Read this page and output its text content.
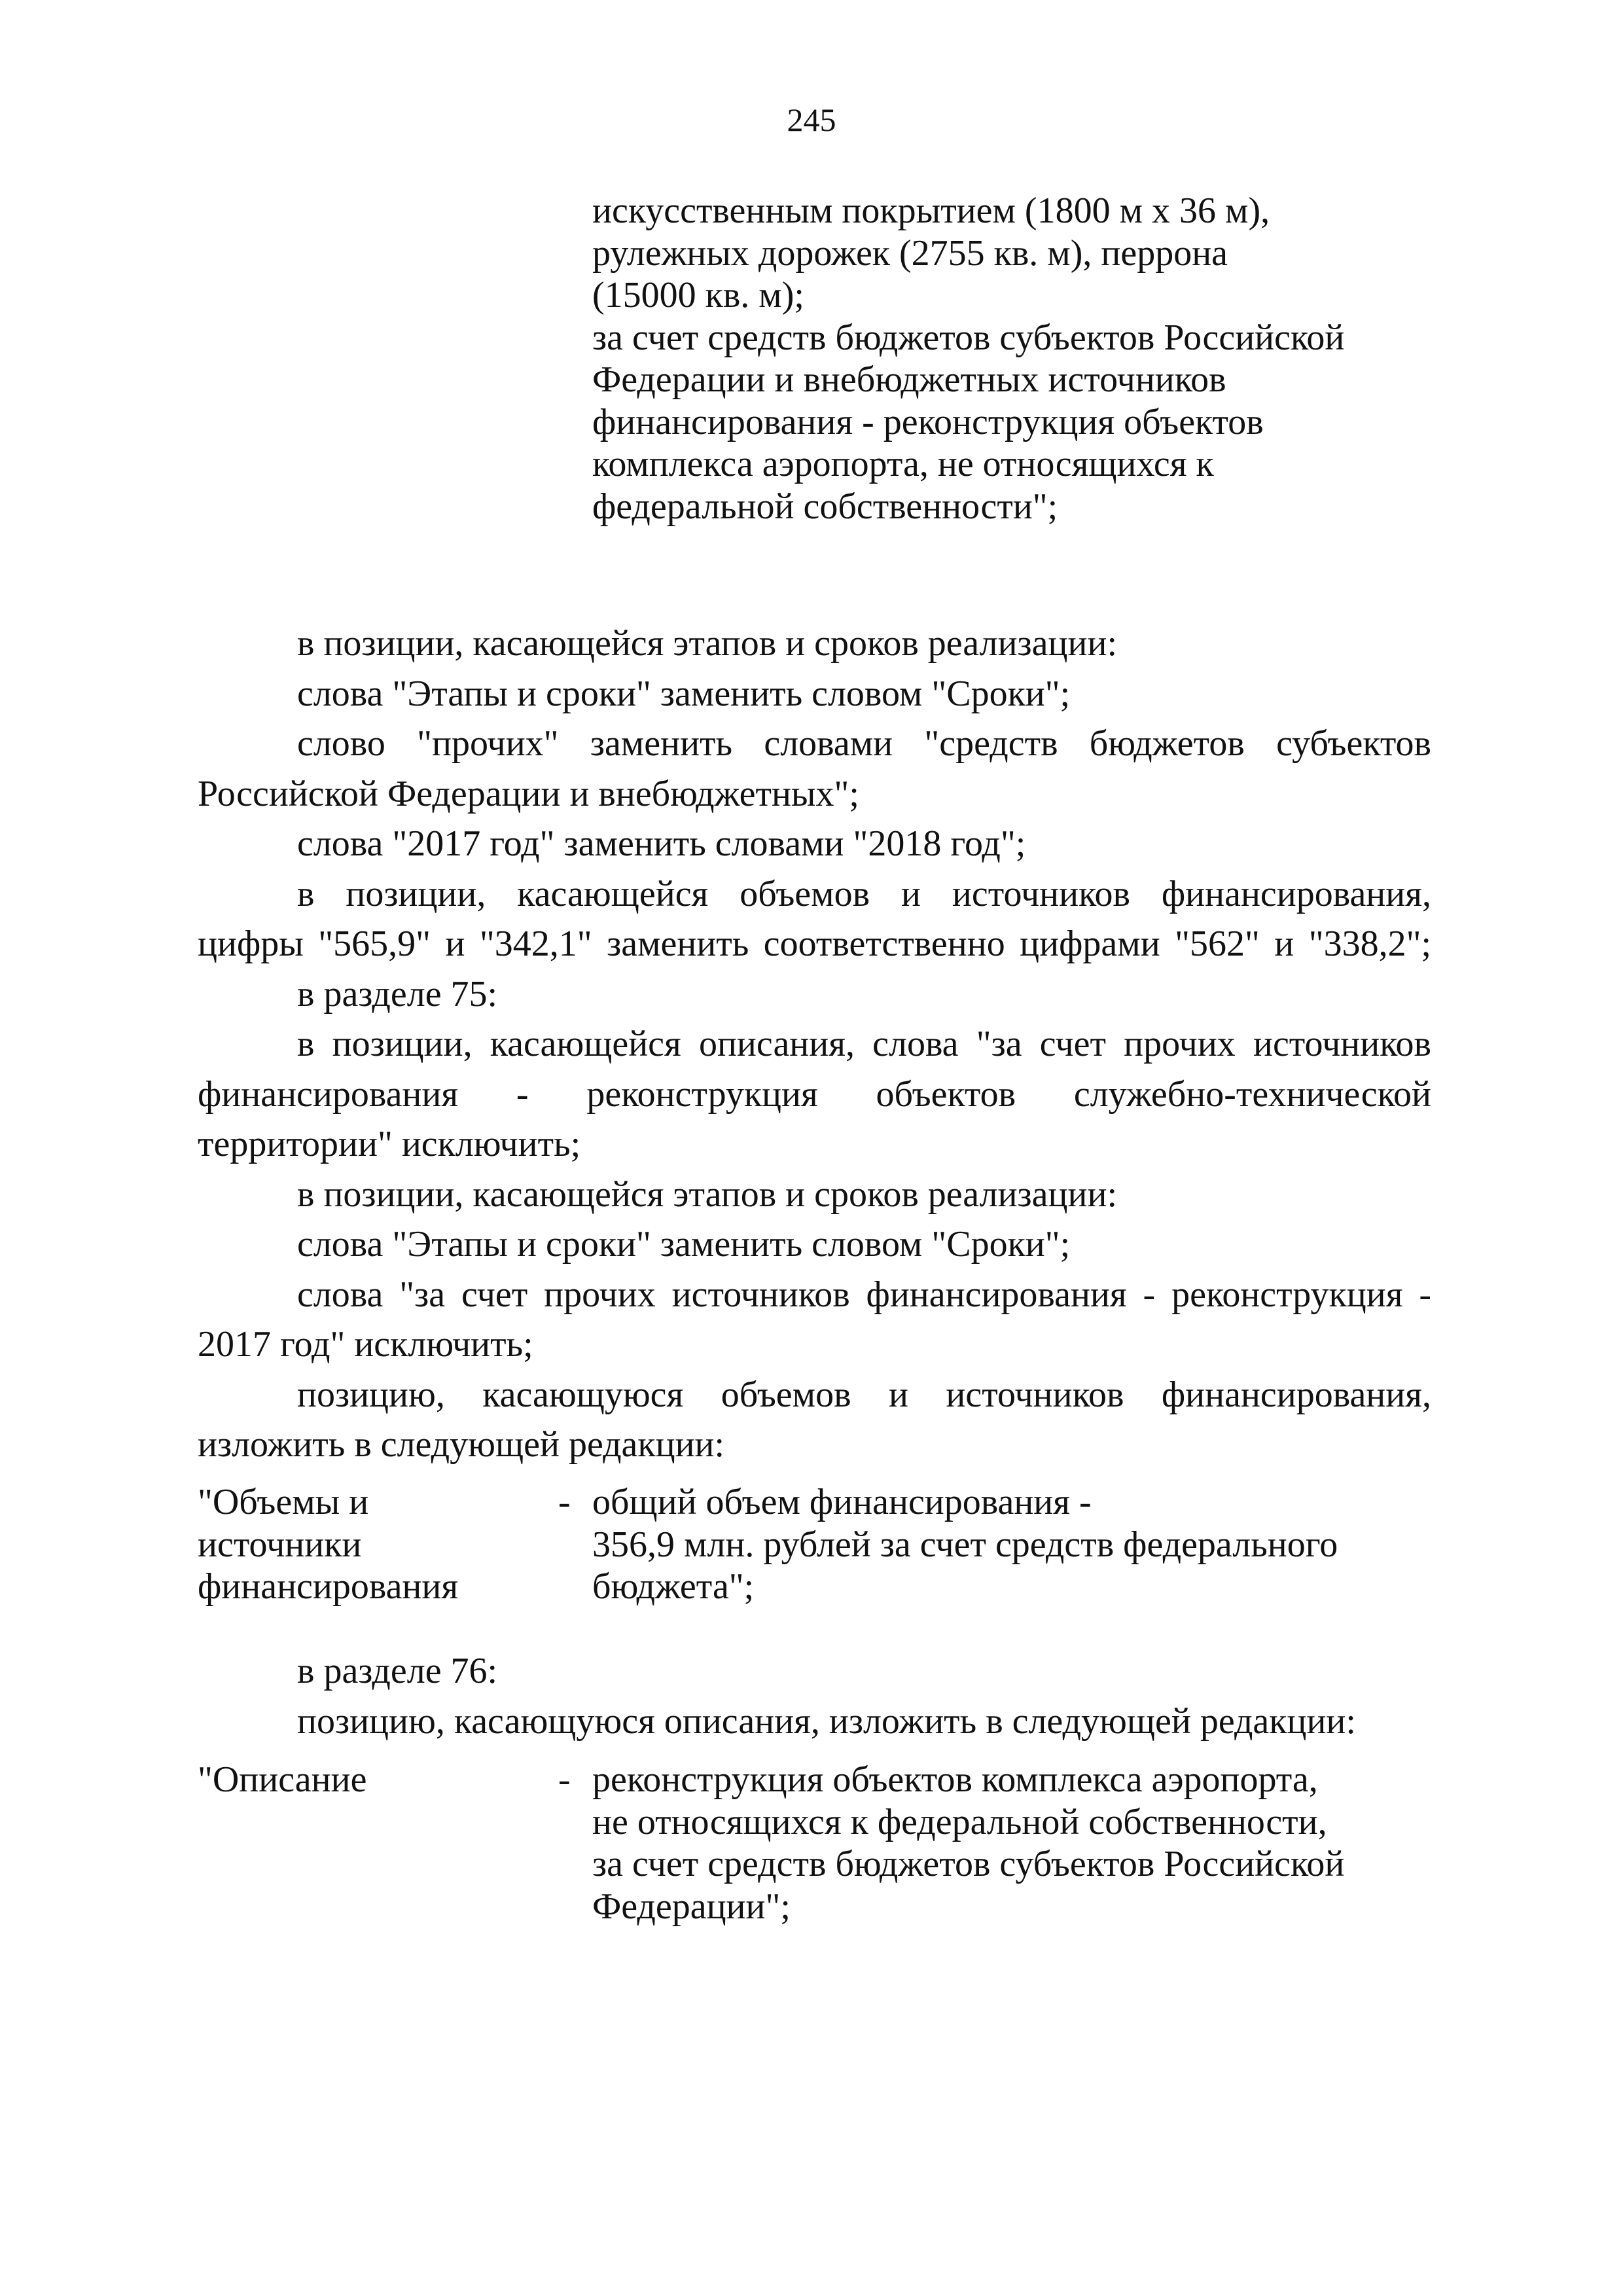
245
искусственным покрытием (1800 м х 36 м),
рулежных дорожек (2755 кв. м), перрона
(15000 кв. м);
за счет средств бюджетов субъектов Российской
Федерации и внебюджетных источников
финансирования - реконструкция объектов
комплекса аэропорта, не относящихся к
федеральной собственности";
в позиции, касающейся этапов и сроков реализации:
слова "Этапы и сроки" заменить словом "Сроки";
слово "прочих" заменить словами "средств бюджетов субъектов
Российской Федерации и внебюджетных";
слова "2017 год" заменить словами "2018 год";
в позиции, касающейся объемов и источников финансирования,
цифры "565,9" и "342,1" заменить соответственно цифрами "562" и "338,2";
в разделе 75:
в позиции, касающейся описания, слова "за счет прочих источников
финансирования - реконструкция объектов служебно-технической
территории" исключить;
в позиции, касающейся этапов и сроков реализации:
слова "Этапы и сроки" заменить словом "Сроки";
слова "за счет прочих источников финансирования - реконструкция -
2017 год" исключить;
позицию, касающуюся объемов и источников финансирования,
изложить в следующей редакции:
"Объемы и
источники
финансирования
- общий объем финансирования -
356,9 млн. рублей за счет средств федерального
бюджета";
в разделе 76:
позицию, касающуюся описания, изложить в следующей редакции:
"Описание	- реконструкция объектов комплекса аэропорта,
не относящихся к федеральной собственности,
за счет средств бюджетов субъектов Российской
Федерации";
